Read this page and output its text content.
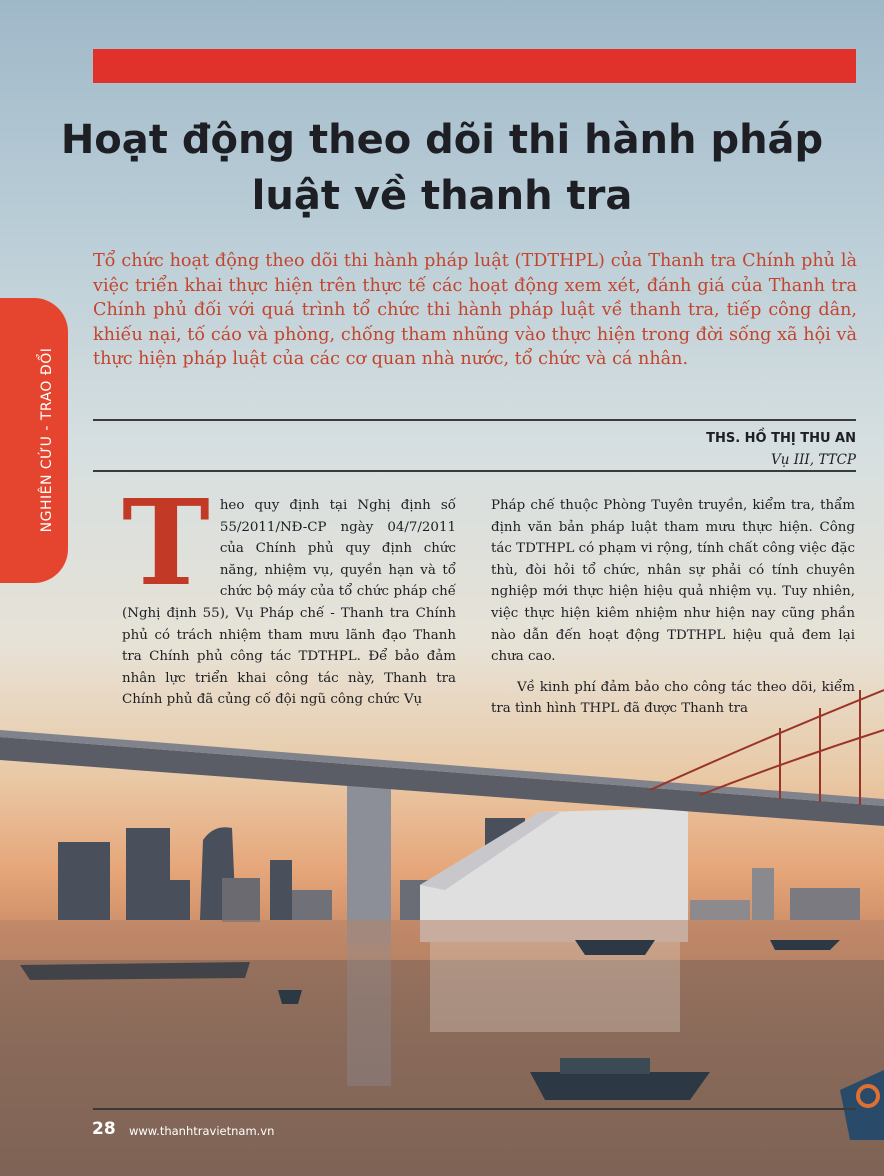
Hoạt động theo dõi thi hành pháp luật về thanh tra

Tổ chức hoạt động theo dõi thi hành pháp luật (TDTHPL) của Thanh tra Chính phủ là việc triển khai thực hiện trên thực tế các hoạt động xem xét, đánh giá của Thanh tra Chính phủ đối với quá trình tổ chức thi hành pháp luật về thanh tra, tiếp công dân, khiếu nại, tố cáo và phòng, chống tham nhũng vào thực hiện trong đời sống xã hội và thực hiện pháp luật của các cơ quan nhà nước, tổ chức và cá nhân.

THS. HỒ THỊ THU AN
Vụ III, TTCP
NGHIÊN CỨU - TRAO ĐỔI

Theo quy định tại Nghị định số 55/2011/NĐ-CP ngày 04/7/2011 của Chính phủ quy định chức năng, nhiệm vụ, quyền hạn và tổ chức bộ máy của tổ chức pháp chế (Nghị định 55), Vụ Pháp chế - Thanh tra Chính phủ có trách nhiệm tham mưu lãnh đạo Thanh tra Chính phủ công tác TDTHPL. Để bảo đảm nhân lực triển khai công tác này, Thanh tra Chính phủ đã củng cố đội ngũ công chức Vụ

Pháp chế thuộc Phòng Tuyên truyền, kiểm tra, thẩm định văn bản pháp luật tham mưu thực hiện. Công tác TDTHPL có phạm vi rộng, tính chất công việc đặc thù, đòi hỏi tổ chức, nhân sự phải có tính chuyên nghiệp mới thực hiện hiệu quả nhiệm vụ. Tuy nhiên, việc thực hiện kiêm nhiệm như hiện nay cũng phần nào dẫn đến hoạt động TDTHPL hiệu quả đem lại chưa cao.
Về kinh phí đảm bảo cho công tác theo dõi, kiểm tra tình hình THPL đã được Thanh tra
28 www.thanhtravietnam.vn
